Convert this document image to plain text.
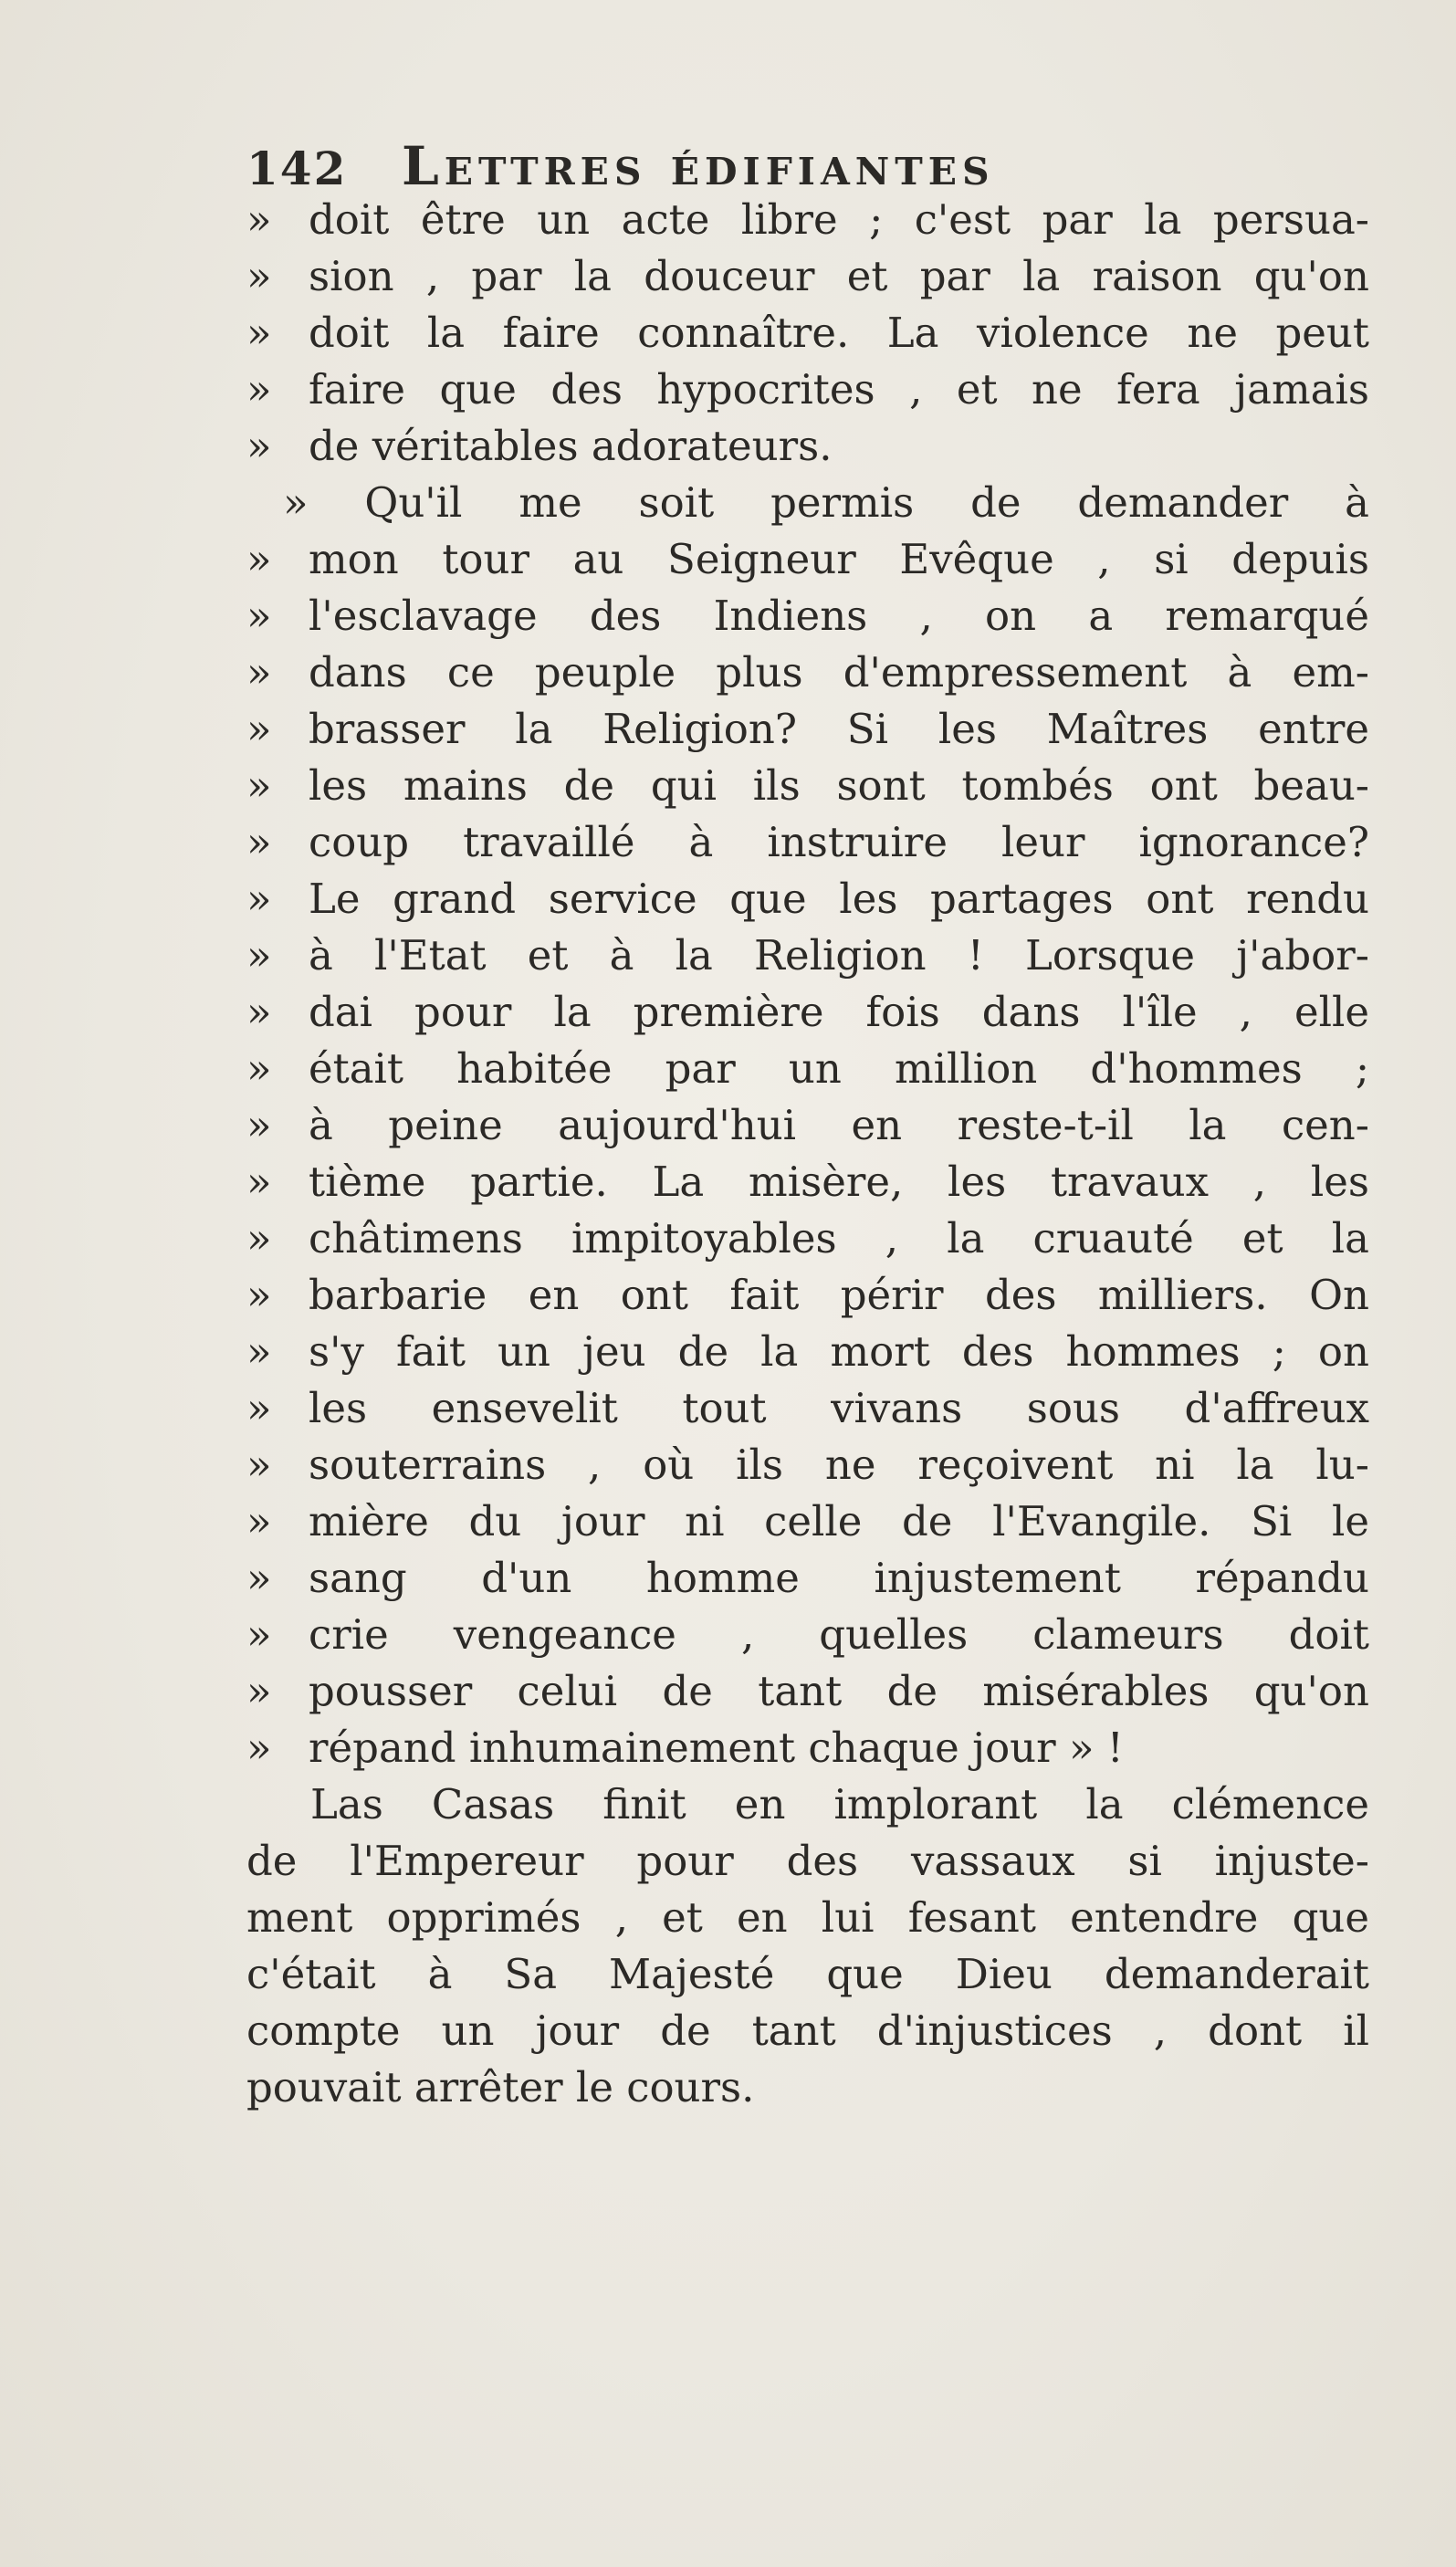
142	Lettres édifiantes
» doit être un acte libre ; c'est par la persua-
» sion , par la douceur et par la raison qu'on
» doit la faire connaître. La violence ne peut
» faire que des hypocrites , et ne fera jamais
» de véritables adorateurs.
» Qu'il me soit permis de demander à
» mon tour au Seigneur Evêque , si depuis
» l'esclavage des Indiens , on a remarqué
» dans ce peuple plus d'empressement à em-
» brasser la Religion? Si les Maîtres entre
» les mains de qui ils sont tombés ont beau-
» coup travaillé à instruire leur ignorance?
» Le grand service que les partages ont rendu
» à l'Etat et à la Religion ! Lorsque j'abor-
» dai pour la première fois dans l'île , elle
» était habitée par un million d'hommes ;
» à peine aujourd'hui en reste-t-il la cen-
» tième partie. La misère, les travaux , les
» châtimens impitoyables , la cruauté et la
» barbarie en ont fait périr des milliers. On
» s'y fait un jeu de la mort des hommes ; on
» les ensevelit tout vivans sous d'affreux
» souterrains , où ils ne reçoivent ni la lu-
» mière du jour ni celle de l'Evangile. Si le
» sang d'un homme injustement répandu
» crie vengeance , quelles clameurs doit
» pousser celui de tant de misérables qu'on
» répand inhumainement chaque jour » !
Las Casas finit en implorant la clémence
de l'Empereur pour des vassaux si injuste-
ment opprimés , et en lui fesant entendre que
c'était à Sa Majesté que Dieu demanderait
compte un jour de tant d'injustices , dont il
pouvait arrêter le cours.
